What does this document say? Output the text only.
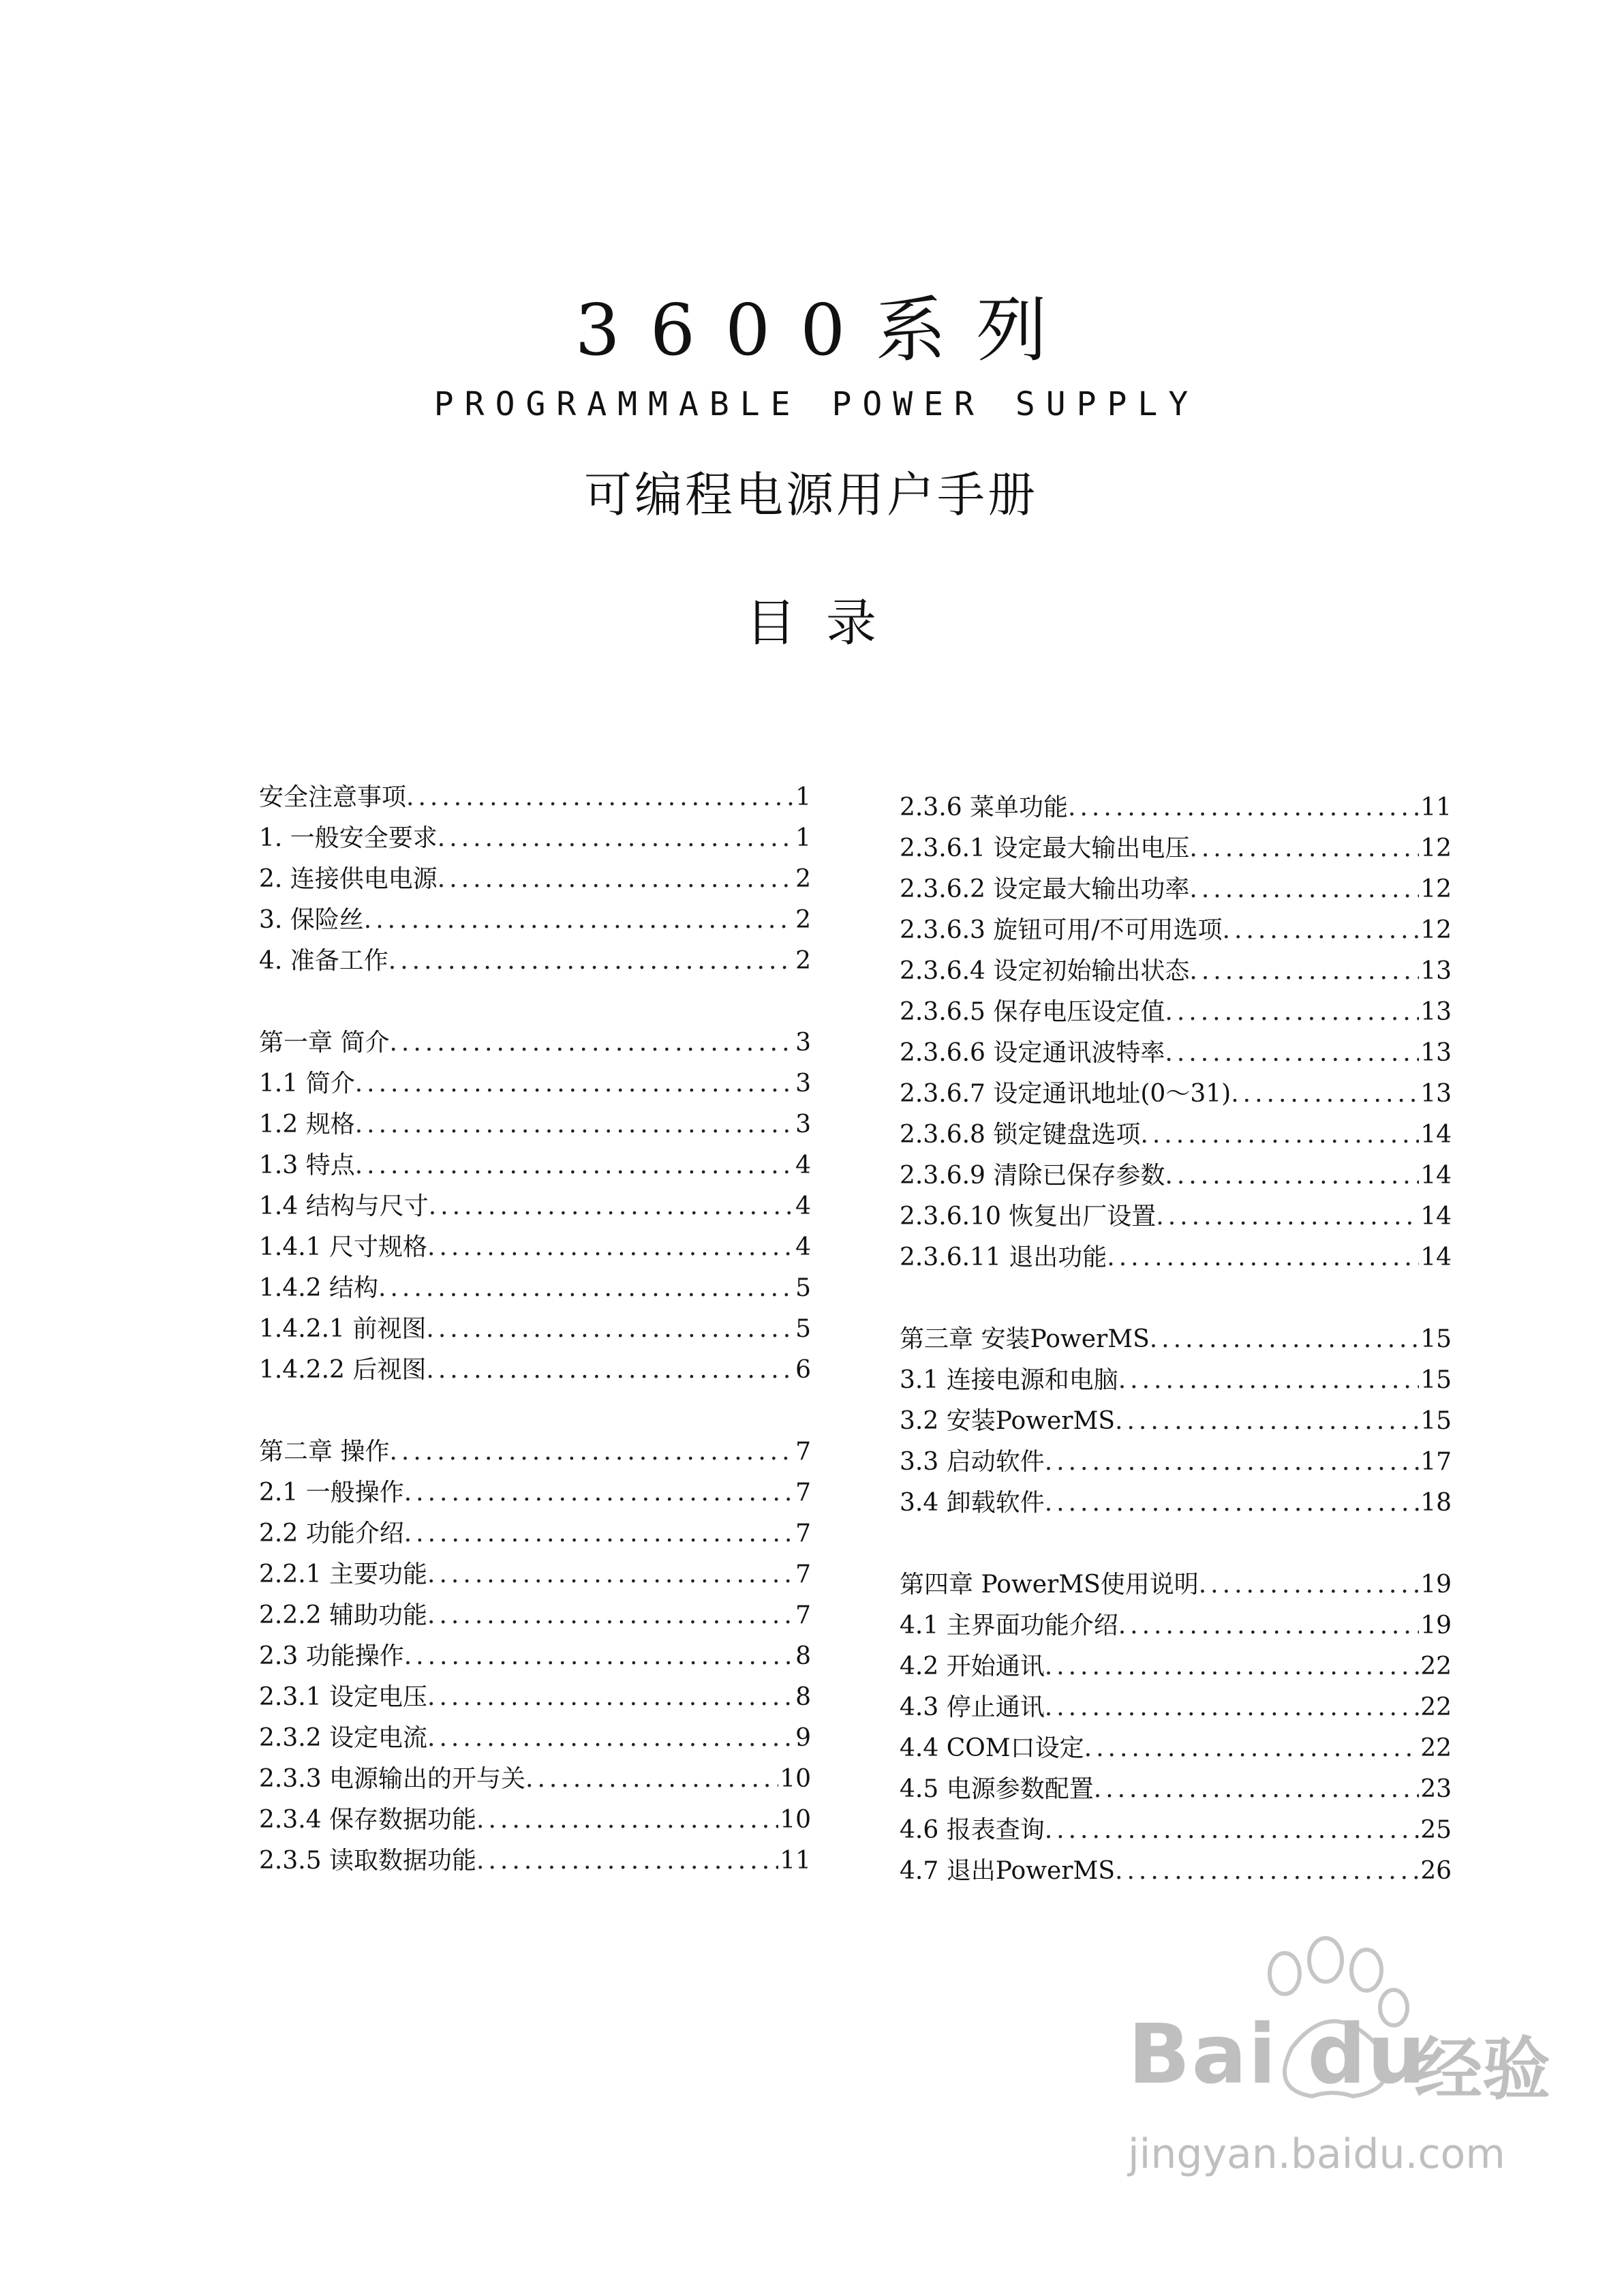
3600系列
PROGRAMMABLE POWER SUPPLY
可编程电源用户手册
目录
安全注意事项 .....	1
1. 一般安全要求 .....	1
2. 连接供电电源 .....	2
3. 保险丝 .....	2
4. 准备工作 .....	2
第一章 简介 .....	3
1.1 简介 .....	3
1.2 规格 .....	3
1.3 特点 .....	4
1.4 结构与尺寸 .....	4
1.4.1 尺寸规格 .....	4
1.4.2 结构 .....	5
1.4.2.1 前视图 .....	5
1.4.2.2 后视图 .....	6
第二章 操作 .....	7
2.1 一般操作 .....	7
2.2 功能介绍 .....	7
2.2.1 主要功能 .....	7
2.2.2 辅助功能 .....	7
2.3 功能操作 .....	8
2.3.1 设定电压 .....	8
2.3.2 设定电流 .....	9
2.3.3 电源输出的开与关 .....	10
2.3.4 保存数据功能 .....	10
2.3.5 读取数据功能 .....	11
2.3.6 菜单功能 .....	11
2.3.6.1 设定最大输出电压 .....	12
2.3.6.2 设定最大输出功率 .....	12
2.3.6.3 旋钮可用/不可用选项 .....	12
2.3.6.4 设定初始输出状态 .....	13
2.3.6.5 保存电压设定值 .....	13
2.3.6.6 设定通讯波特率 .....	13
2.3.6.7 设定通讯地址(0～31) .....	13
2.3.6.8 锁定键盘选项 .....	14
2.3.6.9 清除已保存参数 .....	14
2.3.6.10 恢复出厂设置 .....	14
2.3.6.11 退出功能 .....	14
第三章 安装PowerMS .....	15
3.1 连接电源和电脑 .....	15
3.2 安装PowerMS .....	15
3.3 启动软件 .....	17
3.4 卸载软件 .....	18
第四章 PowerMS使用说明 .....	19
4.1 主界面功能介绍 .....	19
4.2 开始通讯 .....	22
4.3 停止通讯 .....	22
4.4 COM口设定 .....	22
4.5 电源参数配置 .....	23
4.6 报表查询 .....	25
4.7 退出PowerMS .....	26
Bai du
经验
jingyan.baidu.com
